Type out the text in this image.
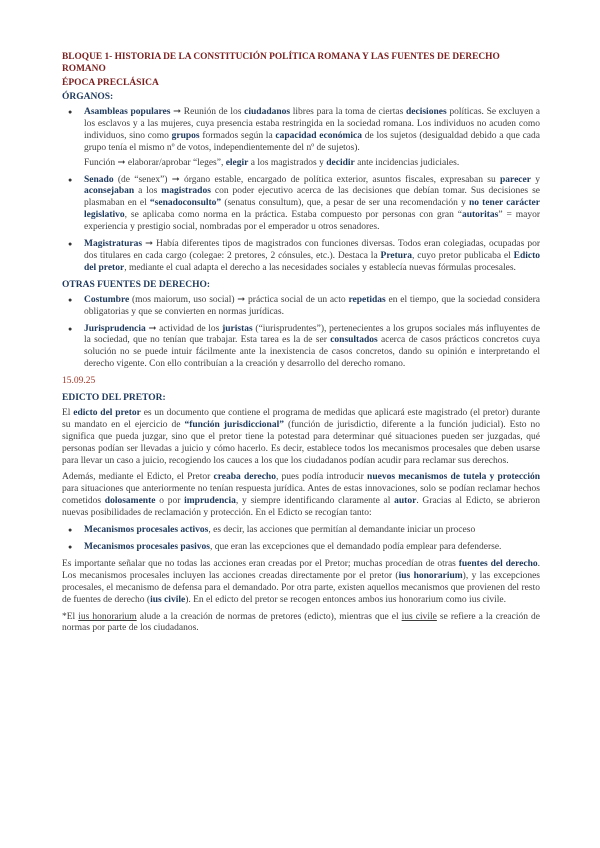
BLOQUE 1- HISTORIA DE LA CONSTITUCIÓN POLÍTICA ROMANA Y LAS FUENTES DE DERECHO ROMANO
ÉPOCA PRECLÁSICA
ÓRGANOS:
● Asambleas populares ➞ Reunión de los ciudadanos libres para la toma de ciertas decisiones políticas. Se excluyen a los esclavos y a las mujeres, cuya presencia estaba restringida en la sociedad romana. Los individuos no acuden como individuos, sino como grupos formados según la capacidad económica de los sujetos (desigualdad debido a que cada grupo tenía el mismo nº de votos, independientemente del nº de sujetos).
Función ➞ elaborar/aprobar “leges”, elegir a los magistrados y decidir ante incidencias judiciales.
● Senado (de “senex”) ➞ órgano estable, encargado de política exterior, asuntos fiscales, expresaban su parecer y aconsejaban a los magistrados con poder ejecutivo acerca de las decisiones que debían tomar. Sus decisiones se plasmaban en el “senadoconsulto” (senatus consultum), que, a pesar de ser una recomendación y no tener carácter legislativo, se aplicaba como norma en la práctica. Estaba compuesto por personas con gran “autoritas” = mayor experiencia y prestigio social, nombradas por el emperador u otros senadores.
● Magistraturas ➞ Había diferentes tipos de magistrados con funciones diversas. Todos eran colegiadas, ocupadas por dos titulares en cada cargo (colegae: 2 pretores, 2 cónsules, etc.). Destaca la Pretura, cuyo pretor publicaba el Edicto del pretor, mediante el cual adapta el derecho a las necesidades sociales y establecía nuevas fórmulas procesales.
OTRAS FUENTES DE DERECHO:
● Costumbre (mos maiorum, uso social) ➞ práctica social de un acto repetidas en el tiempo, que la sociedad considera obligatorias y que se convierten en normas jurídicas.
● Jurisprudencia ➞ actividad de los juristas (“iurisprudentes”), pertenecientes a los grupos sociales más influyentes de la sociedad, que no tenían que trabajar. Esta tarea es la de ser consultados acerca de casos prácticos concretos cuya solución no se puede intuir fácilmente ante la inexistencia de casos concretos, dando su opinión e interpretando el derecho vigente. Con ello contribuían a la creación y desarrollo del derecho romano.

15.09.25

EDICTO DEL PRETOR:

El edicto del pretor es un documento que contiene el programa de medidas que aplicará este magistrado (el pretor) durante su mandato en el ejercicio de “función jurisdiccional” (función de jurisdictio, diferente a la función judicial). Esto no significa que pueda juzgar, sino que el pretor tiene la potestad para determinar qué situaciones pueden ser juzgadas, qué personas podían ser llevadas a juicio y cómo hacerlo. Es decir, establece todos los mecanismos procesales que deben usarse para llevar un caso a juicio, recogiendo los cauces a los que los ciudadanos podían acudir para reclamar sus derechos.

Además, mediante el Edicto, el Pretor creaba derecho, pues podía introducir nuevos mecanismos de tutela y protección para situaciones que anteriormente no tenían respuesta jurídica. Antes de estas innovaciones, solo se podían reclamar hechos cometidos dolosamente o por imprudencia, y siempre identificando claramente al autor. Gracias al Edicto, se abrieron nuevas posibilidades de reclamación y protección. En el Edicto se recogían tanto:

● Mecanismos procesales activos, es decir, las acciones que permitían al demandante iniciar un proceso
● Mecanismos procesales pasivos, que eran las excepciones que el demandado podía emplear para defenderse.

Es importante señalar que no todas las acciones eran creadas por el Pretor; muchas procedían de otras fuentes del derecho. Los mecanismos procesales incluyen las acciones creadas directamente por el pretor (ius honorarium), y las excepciones procesales, el mecanismo de defensa para el demandado. Por otra parte, existen aquellos mecanismos que provienen del resto de fuentes de derecho (ius civile). En el edicto del pretor se recogen entonces ambos ius honorarium como ius civile.

*El ius honorarium alude a la creación de normas de pretores (edicto), mientras que el ius civile se refiere a la creación de normas por parte de los ciudadanos.
